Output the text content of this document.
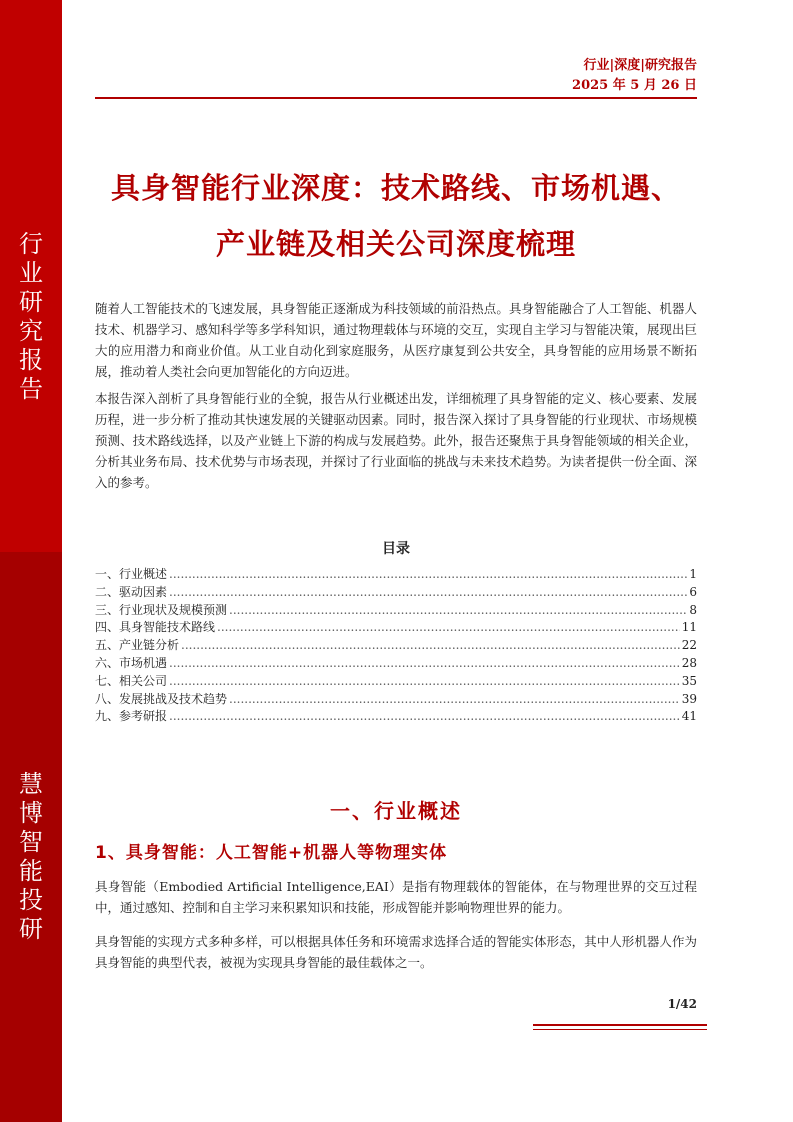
行
业
研
究
报
告
慧
博
智
能
投
研
行业|深度|研究报告
2025 年 5 月 26 日
具身智能行业深度：技术路线、市场机遇、
产业链及相关公司深度梳理
随着人工智能技术的飞速发展，具身智能正逐渐成为科技领域的前沿热点。具身智能融合了人工智能、机器人技术、机器学习、感知科学等多学科知识，通过物理载体与环境的交互，实现自主学习与智能决策，展现出巨大的应用潜力和商业价值。从工业自动化到家庭服务，从医疗康复到公共安全，具身智能的应用场景不断拓展，推动着人类社会向更加智能化的方向迈进。
本报告深入剖析了具身智能行业的全貌，报告从行业概述出发，详细梳理了具身智能的定义、核心要素、发展历程，进一步分析了推动其快速发展的关键驱动因素。同时，报告深入探讨了具身智能的行业现状、市场规模预测、技术路线选择，以及产业链上下游的构成与发展趋势。此外，报告还聚焦于具身智能领域的相关企业，分析其业务布局、技术优势与市场表现，并探讨了行业面临的挑战与未来技术趋势。为读者提供一份全面、深入的参考。
目录
一、行业概述 .....	1
二、驱动因素 .....	6
三、行业现状及规模预测 .....	8
四、具身智能技术路线 .....	11
五、产业链分析 .....	22
六、市场机遇 .....	28
七、相关公司 .....	35
八、发展挑战及技术趋势 .....	39
九、参考研报 .....	41
一、行业概述
1、具身智能：人工智能+机器人等物理实体
具身智能（Embodied Artificial Intelligence,EAI）是指有物理载体的智能体，在与物理世界的交互过程中，通过感知、控制和自主学习来积累知识和技能，形成智能并影响物理世界的能力。
具身智能的实现方式多种多样，可以根据具体任务和环境需求选择合适的智能实体形态，其中人形机器人作为具身智能的典型代表，被视为实现具身智能的最佳载体之一。
1/42
